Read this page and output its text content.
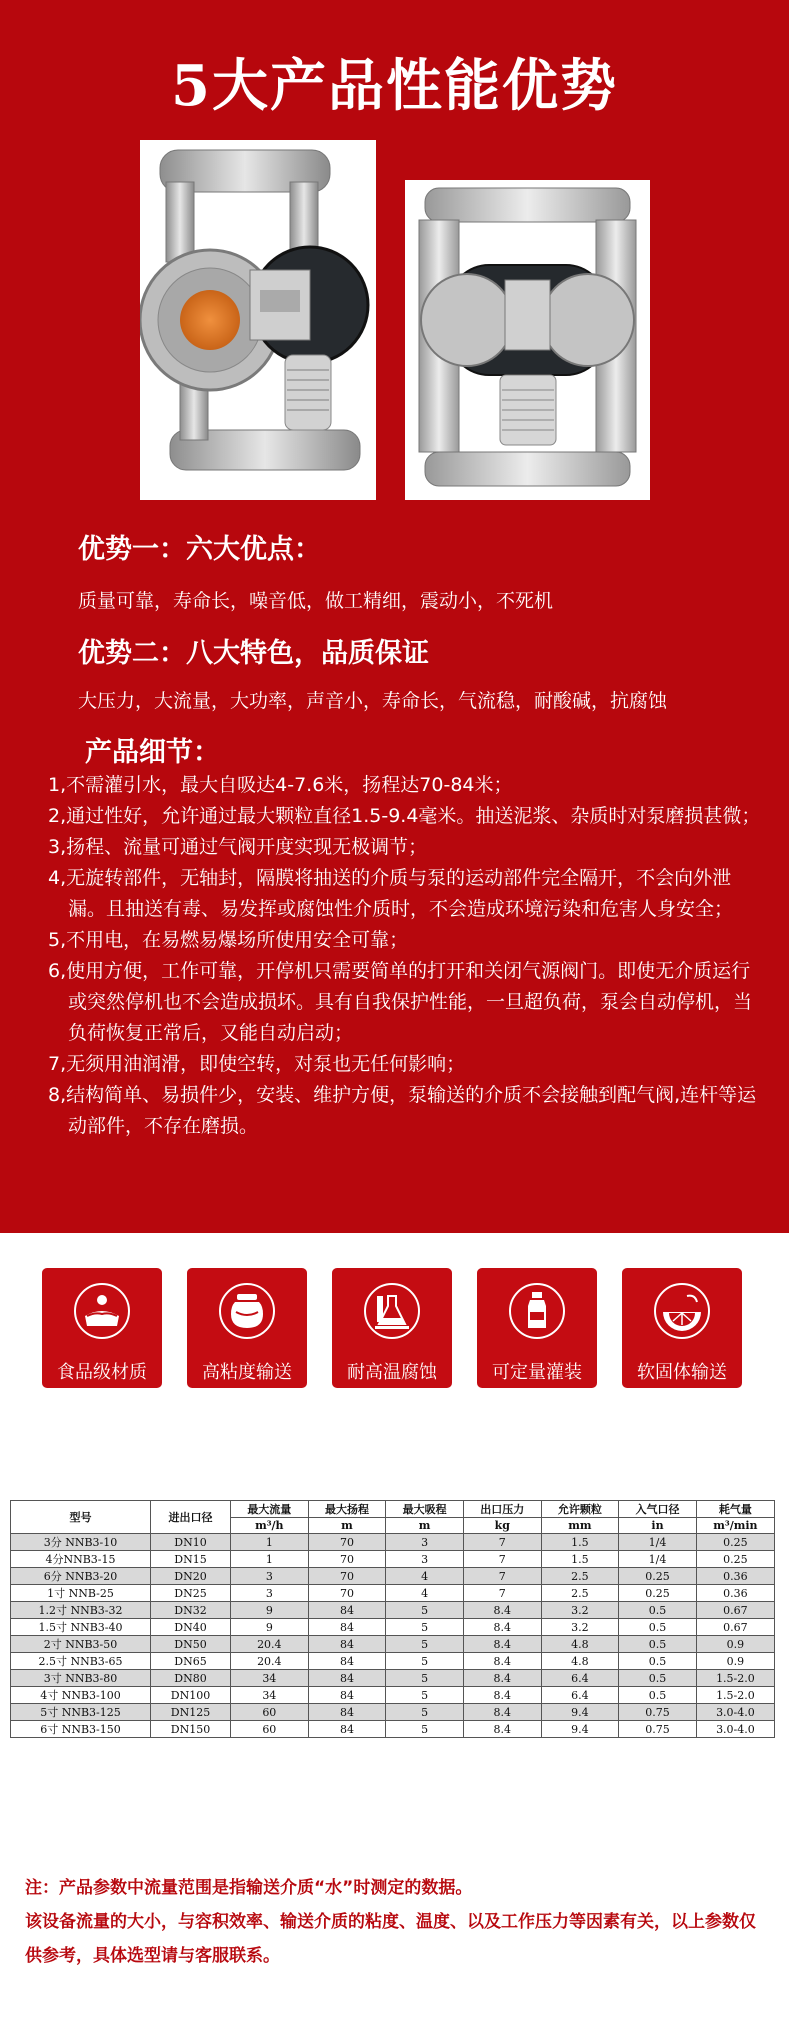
5大产品性能优势
优势一：六大优点：

质量可靠，寿命长，噪音低，做工精细，震动小，不死机

优势二：八大特色，品质保证

大压力，大流量，大功率，声音小，寿命长，气流稳，耐酸碱，抗腐蚀

产品细节：

1,不需灌引水，最大自吸达4-7.6米，扬程达70-84米；

2,通过性好，允许通过最大颗粒直径1.5-9.4毫米。抽送泥浆、杂质时对泵磨损甚微；

3,扬程、流量可通过气阀开度实现无极调节；

4,无旋转部件，无轴封，隔膜将抽送的介质与泵的运动部件完全隔开，不会向外泄漏。且抽送有毒、易发挥或腐蚀性介质时，不会造成环境污染和危害人身安全；

5,不用电，在易燃易爆场所使用安全可靠；

6,使用方便，工作可靠，开停机只需要简单的打开和关闭气源阀门。即使无介质运行或突然停机也不会造成损坏。具有自我保护性能，一旦超负荷，泵会自动停机，当负荷恢复正常后，又能自动启动；

7,无须用油润滑，即使空转，对泵也无任何影响；

8,结构简单、易损件少，安装、维护方便，泵输送的介质不会接触到配气阀,连杆等运动部件，不存在磨损。

食品级材质	高粘度输送	耐高温腐蚀	可定量灌装	软固体输送
型号	进出口径	最大流量	最大扬程	最大吸程	出口压力	允许颗粒	入气口径	耗气量
		m³/h	m	m	kg	mm	in	m³/min
3分 NNB3-10	DN10	1	70	3	7	1.5	1/4	0.25
4分NNB3-15	DN15	1	70	3	7	1.5	1/4	0.25
6分 NNB3-20	DN20	3	70	4	7	2.5	0.25	0.36
1寸 NNB-25	DN25	3	70	4	7	2.5	0.25	0.36
1.2寸 NNB3-32	DN32	9	84	5	8.4	3.2	0.5	0.67
1.5寸 NNB3-40	DN40	9	84	5	8.4	3.2	0.5	0.67
2寸 NNB3-50	DN50	20.4	84	5	8.4	4.8	0.5	0.9
2.5寸 NNB3-65	DN65	20.4	84	5	8.4	4.8	0.5	0.9
3寸 NNB3-80	DN80	34	84	5	8.4	6.4	0.5	1.5-2.0
4寸 NNB3-100	DN100	34	84	5	8.4	6.4	0.5	1.5-2.0
5寸 NNB3-125	DN125	60	84	5	8.4	9.4	0.75	3.0-4.0
6寸 NNB3-150	DN150	60	84	5	8.4	9.4	0.75	3.0-4.0

注：产品参数中流量范围是指输送介质“水”时测定的数据。

该设备流量的大小，与容积效率、输送介质的粘度、温度、以及工作压力等因素有关，以上参数仅供参考，具体选型请与客服联系。
